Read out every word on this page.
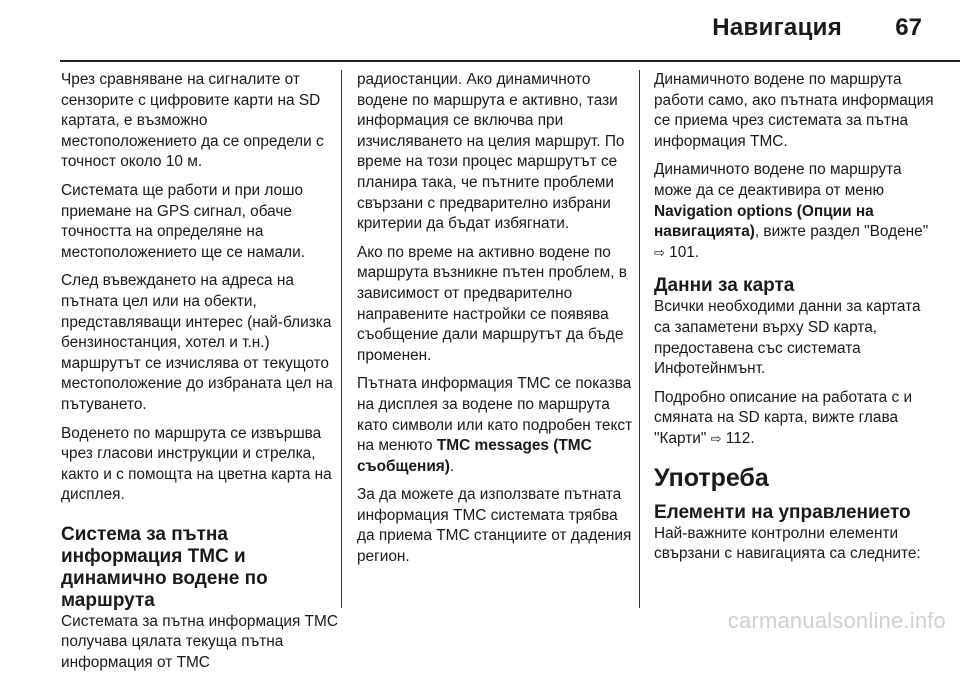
Навигация 67

Чрез сравняване на сигналите от сензорите с цифровите карти на SD картата, е възможно местоположението да се определи с точност около 10 м.

Системата ще работи и при лошо приемане на GPS сигнал, обаче точността на определяне на местоположението ще се намали.

След въвеждането на адреса на пътната цел или на обекти, представляващи интерес (най-близка бензиностанция, хотел и т.н.) маршрутът се изчислява от текущото местоположение до избраната цел на пътуването.

Воденето по маршрута се извършва чрез гласови инструкции и стрелка, както и с помощта на цветна карта на дисплея.

Система за пътна информация TMC и динамично водене по маршрута

Системата за пътна информация TMC получава цялата текуща пътна информация от TMC

радиостанции. Ако динамичното водене по маршрута е активно, тази информация се включва при изчисляването на целия маршрут. По време на този процес маршрутът се планира така, че пътните проблеми свързани с предварително избрани критерии да бъдат избягнати.

Ако по време на активно водене по маршрута възникне пътен проблем, в зависимост от предварително направените настройки се появява съобщение дали маршрутът да бъде променен.

Пътната информация TMC се показва на дисплея за водене по маршрута като символи или като подробен текст на менюто TMC messages (TMC съобщения).

За да можете да използвате пътната информация TMC системата трябва да приема TMC станциите от дадения регион.

Динамичното водене по маршрута работи само, ако пътната информация се приема чрез системата за пътна информация TMC.

Динамичното водене по маршрута може да се деактивира от меню Navigation options (Опции на навигацията), вижте раздел "Водене" ⇨ 101.

Данни за карта

Всички необходими данни за картата са запаметени върху SD карта, предоставена със системата Инфотейнмънт.

Подробно описание на работата с и смяната на SD карта, вижте глава "Карти" ⇨ 112.

Употреба
Елементи на управлението

Най-важните контролни елементи свързани с навигацията са следните:

carmanualsonline.info
